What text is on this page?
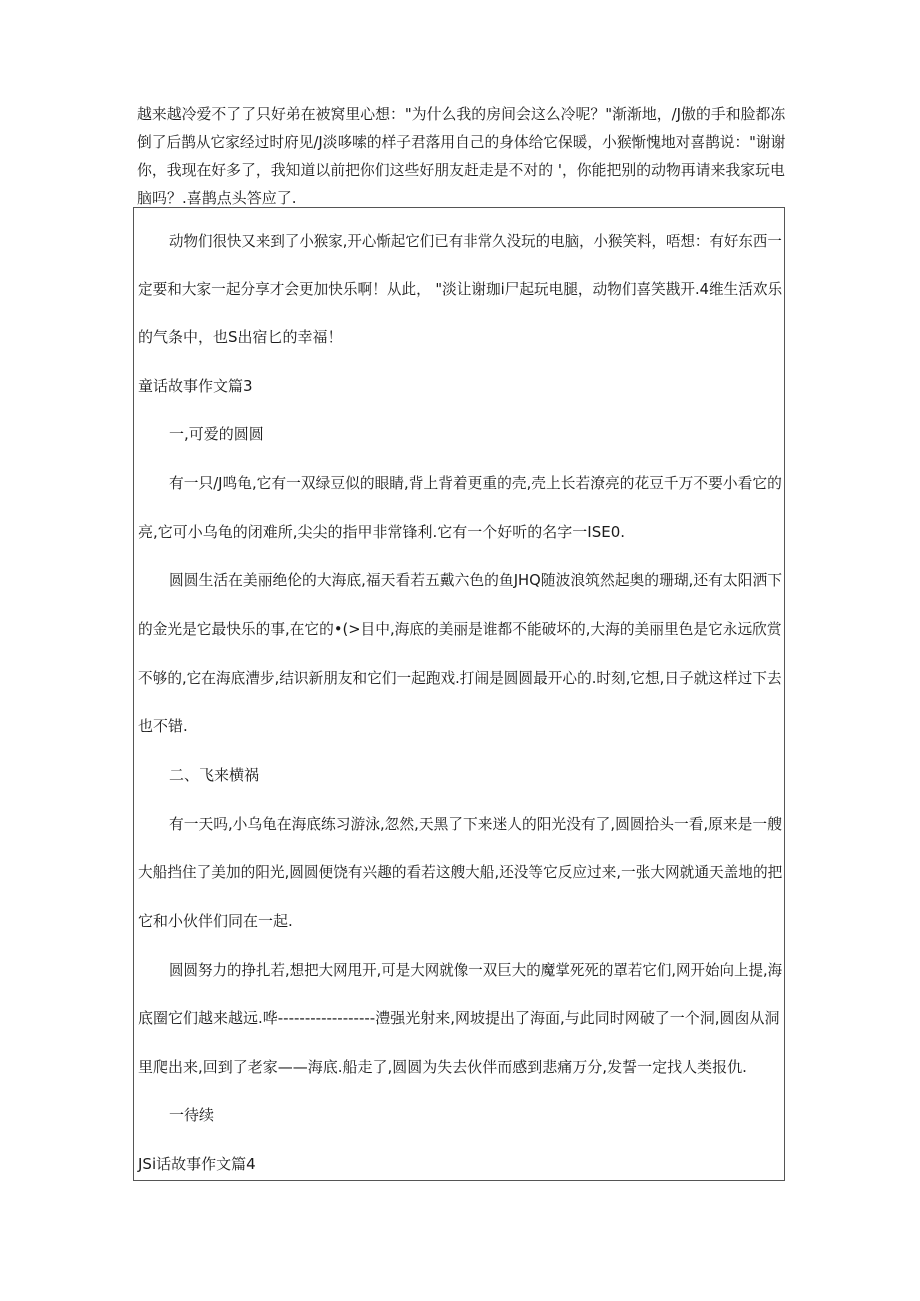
越来越冷爱不了了只好弟在被窝里心想："为什么我的房间会这么冷呢？"渐渐地，/J傲的手和脸都冻

倒了后鹊从它家经过时府见/J淡哆嗦的样子君落用自己的身体给它保暖，小猴惭愧地对喜鹊说："谢谢

你，我现在好多了，我知道以前把你们这些好朋友赶走是不对的 '，你能把别的动物再请来我家玩电

脑吗？.喜鹊点头答应了.

动物们很快又来到了小猴家,开心惭起它们已有非常久没玩的电脑，小猴笑料，唔想：有好东西一
定要和大家一起分享才会更加快乐啊！从此， "淡让谢珈i尸起玩电腿，动物们喜笑戡开.4维生活欢乐
的气条中，也S出宿匕的幸福！
童话故事作文篇3
一,可爱的圆圆
有一只/J鸣龟,它有一双绿豆似的眼睛,背上背着更重的壳,壳上长若潦亮的花豆千万不要小看它的
亮,它可小乌龟的闭难所,尖尖的指甲非常锋利.它有一个好听的名字一ISE0.
圆圆生活在美丽绝伦的大海底,福天看若五戴六色的鱼JHQ随波浪筑然起奥的珊瑚,还有太阳洒下
的金光是它最快乐的事,在它的•(>目中,海底的美丽是谁都不能破坏的,大海的美丽里色是它永远欣赏
不够的,它在海底漕步,结识新朋友和它们一起跑戏.打闹是圆圆最开心的.时刻,它想,日子就这样过下去
也不错.
二、飞来横祸
有一天吗,小乌龟在海底练习游泳,忽然,天黑了下来迷人的阳光没有了,圆圆拾头一看,原来是一艘
大船挡住了美加的阳光,圆圆便饶有兴趣的看若这艘大船,还没等它反应过来,一张大网就通天盖地的把
它和小伙伴们同在一起.
圆圆努力的挣扎若,想把大网甩开,可是大网就像一双巨大的魔掌死死的罩若它们,网开始向上提,海
底圈它们越来越远.哗------------------澧强光射来,网坡提出了海面,与此同时网破了一个洞,圆囱从洞
里爬出来,回到了老家——海底.船走了,圆圆为失去伙伴而感到悲痛万分,发誓一定找人类报仇.
一待续
JSi话故事作文篇4
